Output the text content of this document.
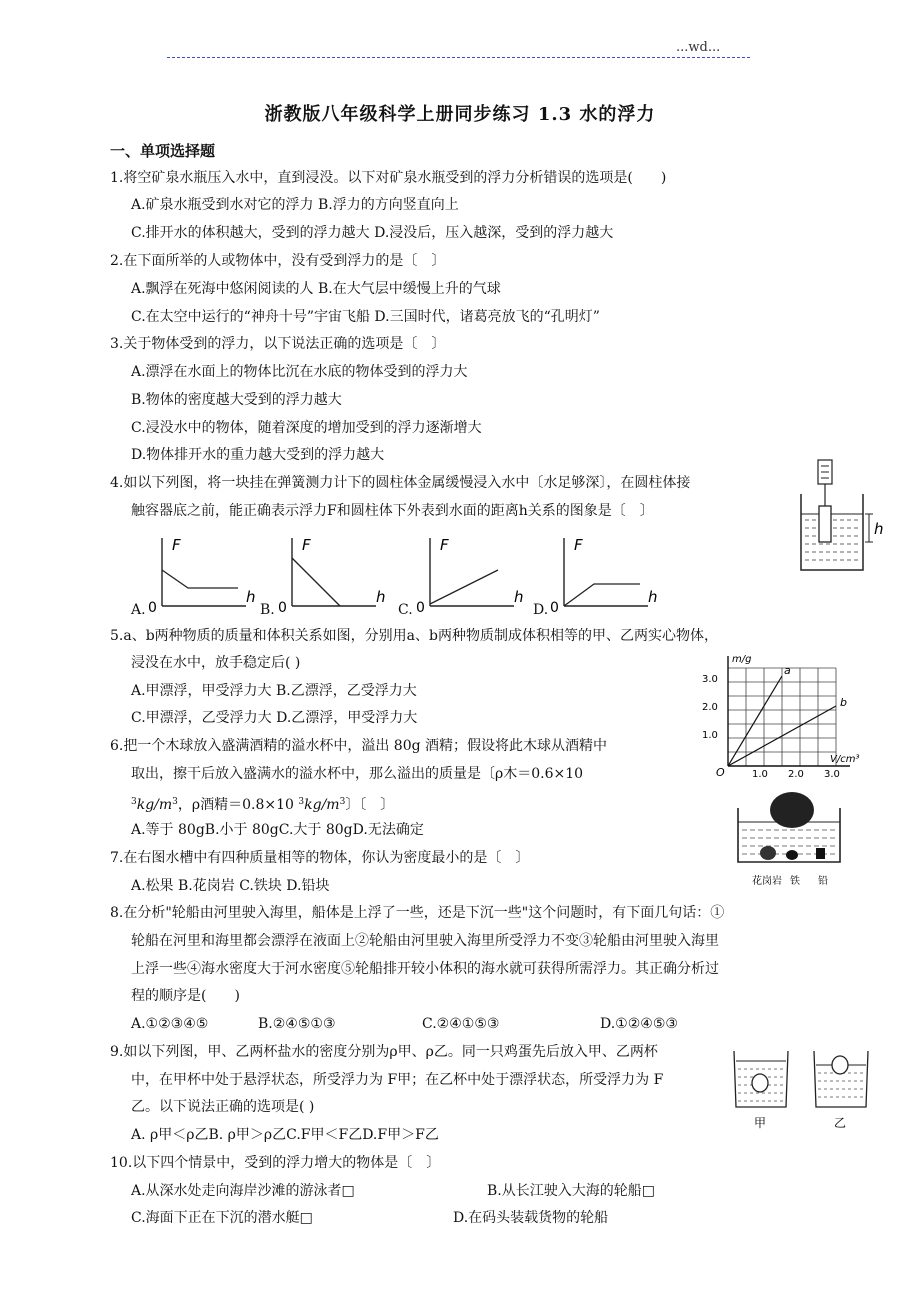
...wd...
浙教版八年级科学上册同步练习 1.3 水的浮力
一、单项选择题
1.将空矿泉水瓶压入水中，直到浸没。以下对矿泉水瓶受到的浮力分析错误的选项是(　　)
A.矿泉水瓶受到水对它的浮力 B.浮力的方向竖直向上
C.排开水的体积越大，受到的浮力越大 D.浸没后，压入越深，受到的浮力越大
2.在下面所举的人或物体中，没有受到浮力的是〔　〕
A.飘浮在死海中悠闲阅读的人 B.在大气层中缓慢上升的气球
C.在太空中运行的“神舟十号”宇宙飞船 D.三国时代，诸葛亮放飞的“孔明灯”
3.关于物体受到的浮力，以下说法正确的选项是〔　〕
A.漂浮在水面上的物体比沉在水底的物体受到的浮力大
B.物体的密度越大受到的浮力越大
C.浸没水中的物体，随着深度的增加受到的浮力逐渐增大
D.物体排开水的重力越大受到的浮力越大
4.如以下列图，将一块挂在弹簧测力计下的圆柱体金属缓慢浸入水中〔水足够深〕，在圆柱体接
触容器底之前，能正确表示浮力F和圆柱体下外表到水面的距离h关系的图象是〔　〕
h
A.
F
h
0	B.
F
h
0	C.
F
h
0	D.
F
h
0
5.a、b两种物质的质量和体积关系如图，分别用a、b两种物质制成体积相等的甲、乙两实心物体，
浸没在水中，放手稳定后( )
A.甲漂浮，甲受浮力大 B.乙漂浮，乙受浮力大
C.甲漂浮，乙受浮力大 D.乙漂浮，甲受浮力大
m/g
V/cm³
O
1.0
2.0
3.0
1.0 2.0 3.0
a
b
6.把一个木球放入盛满酒精的溢水杯中，溢出 80g 酒精；假设将此木球从酒精中
取出，擦干后放入盛满水的溢水杯中，那么溢出的质量是〔ρ木＝0.6×10
$^3kg/m^3$，ρ酒精＝0.8×10 $^3kg/m^3$〕〔　〕
A.等于 80gB.小于 80gC.大于 80gD.无法确定
花岗岩 铁 铅
7.在右图水槽中有四种质量相等的物体，你认为密度最小的是〔　〕
A.松果 B.花岗岩 C.铁块 D.铅块
8.在分析"轮船由河里驶入海里，船体是上浮了一些，还是下沉一些"这个问题时，有下面几句话：①
轮船在河里和海里都会漂浮在液面上②轮船由河里驶入海里所受浮力不变③轮船由河里驶入海里
上浮一些④海水密度大于河水密度⑤轮船排开较小体积的海水就可获得所需浮力。其正确分析过
程的顺序是(　　)
A.①②③④⑤	B.②④⑤①③	C.②④①⑤③	D.①②④⑤③
甲	乙
9.如以下列图，甲、乙两杯盐水的密度分别为ρ甲、ρ乙。同一只鸡蛋先后放入甲、乙两杯
中，在甲杯中处于悬浮状态，所受浮力为 F甲；在乙杯中处于漂浮状态，所受浮力为 F
乙。以下说法正确的选项是( )
A. ρ甲＜ρ乙B. ρ甲＞ρ乙C.F甲＜F乙D.F甲＞F乙
10.以下四个情景中，受到的浮力增大的物体是〔　〕
A.从深水处走向海岸沙滩的游泳者□	B.从长江驶入大海的轮船□
C.海面下正在下沉的潜水艇□	D.在码头装载货物的轮船
